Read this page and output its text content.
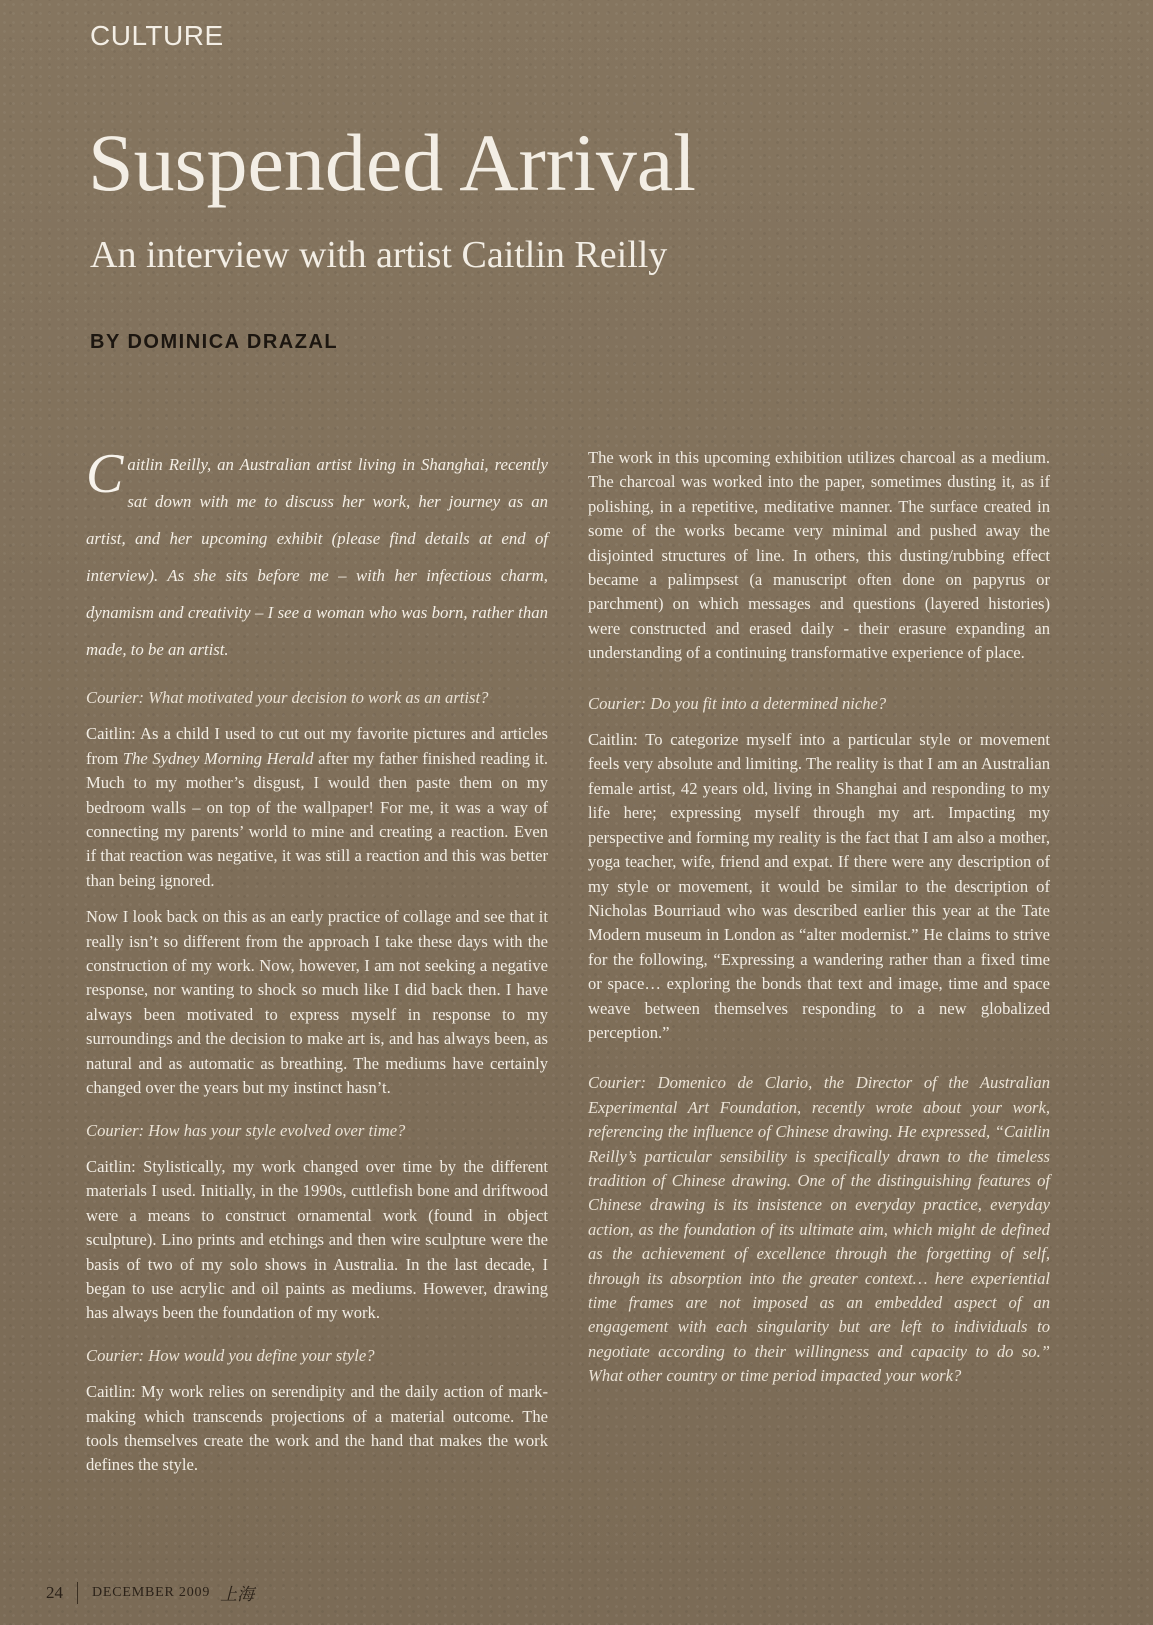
CULTURE
Suspended Arrival
An interview with artist Caitlin Reilly
BY DOMINICA DRAZAL

Caitlin Reilly, an Australian artist living in Shanghai, recently sat down with me to discuss her work, her journey as an artist, and her upcoming exhibit (please find details at end of interview). As she sits before me – with her infectious charm, dynamism and creativity – I see a woman who was born, rather than made, to be an artist.

Courier: What motivated your decision to work as an artist?

Caitlin: As a child I used to cut out my favorite pictures and articles from The Sydney Morning Herald after my father finished reading it. Much to my mother’s disgust, I would then paste them on my bedroom walls – on top of the wallpaper! For me, it was a way of connecting my parents’ world to mine and creating a reaction. Even if that reaction was negative, it was still a reaction and this was better than being ignored.

Now I look back on this as an early practice of collage and see that it really isn’t so different from the approach I take these days with the construction of my work. Now, however, I am not seeking a negative response, nor wanting to shock so much like I did back then. I have always been motivated to express myself in response to my surroundings and the decision to make art is, and has always been, as natural and as automatic as breathing. The mediums have certainly changed over the years but my instinct hasn’t.

Courier: How has your style evolved over time?

Caitlin: Stylistically, my work changed over time by the different materials I used. Initially, in the 1990s, cuttlefish bone and driftwood were a means to construct ornamental work (found in object sculpture). Lino prints and etchings and then wire sculpture were the basis of two of my solo shows in Australia. In the last decade, I began to use acrylic and oil paints as mediums. However, drawing has always been the foundation of my work.

Courier: How would you define your style?

Caitlin: My work relies on serendipity and the daily action of mark-making which transcends projections of a material outcome. The tools themselves create the work and the hand that makes the work defines the style.

The work in this upcoming exhibition utilizes charcoal as a medium. The charcoal was worked into the paper, sometimes dusting it, as if polishing, in a repetitive, meditative manner. The surface created in some of the works became very minimal and pushed away the disjointed structures of line. In others, this dusting/rubbing effect became a palimpsest (a manuscript often done on papyrus or parchment) on which messages and questions (layered histories) were constructed and erased daily - their erasure expanding an understanding of a continuing transformative experience of place.

Courier: Do you fit into a determined niche?

Caitlin: To categorize myself into a particular style or movement feels very absolute and limiting. The reality is that I am an Australian female artist, 42 years old, living in Shanghai and responding to my life here; expressing myself through my art. Impacting my perspective and forming my reality is the fact that I am also a mother, yoga teacher, wife, friend and expat. If there were any description of my style or movement, it would be similar to the description of Nicholas Bourriaud who was described earlier this year at the Tate Modern museum in London as “alter modernist.” He claims to strive for the following, “Expressing a wandering rather than a fixed time or space… exploring the bonds that text and image, time and space weave between themselves responding to a new globalized perception.”

Courier: Domenico de Clario, the Director of the Australian Experimental Art Foundation, recently wrote about your work, referencing the influence of Chinese drawing. He expressed, “Caitlin Reilly’s particular sensibility is specifically drawn to the timeless tradition of Chinese drawing. One of the distinguishing features of Chinese drawing is its insistence on everyday practice, everyday action, as the foundation of its ultimate aim, which might de defined as the achievement of excellence through the forgetting of self, through its absorption into the greater context… here experiential time frames are not imposed as an embedded aspect of an engagement with each singularity but are left to individuals to negotiate according to their willingness and capacity to do so.” What other country or time period impacted your work?

24 DECEMBER 2009 上海
